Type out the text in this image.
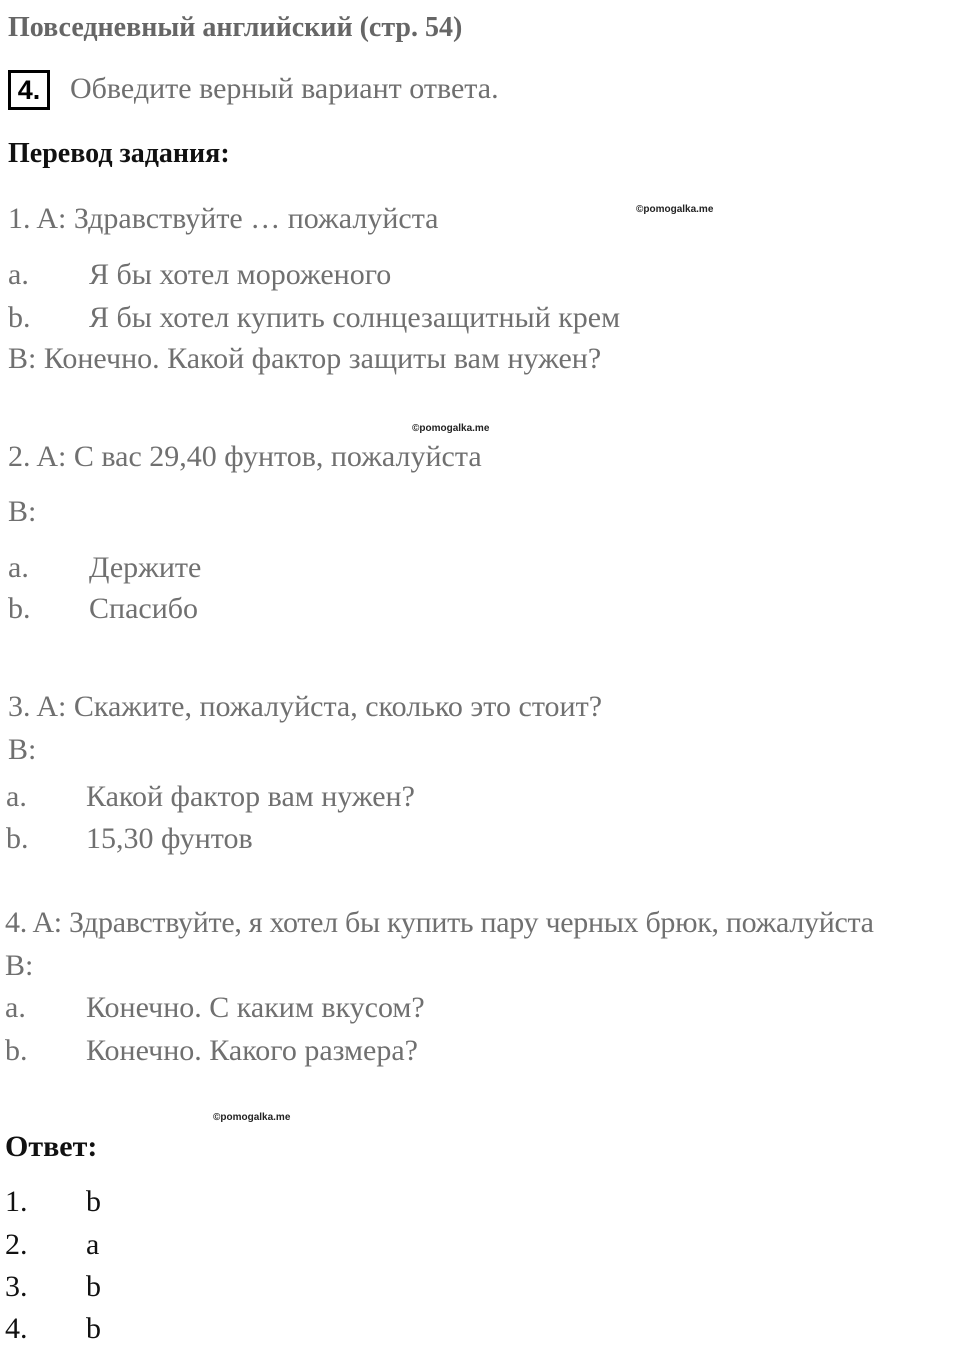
Повседневный английский (стр. 54)
4. Обведите верный вариант ответа.
Перевод задания:
©pomogalka.me
©pomogalka.me
©pomogalka.me
1. A: Здравствуйте … пожалуйста
a. Я бы хотел мороженого
b. Я бы хотел купить солнцезащитный крем
B: Конечно. Какой фактор защиты вам нужен?
2. A: С вас 29,40 фунтов, пожалуйста
B:
a. Держите
b. Спасибо
3. A: Скажите, пожалуйста, сколько это стоит?
B:
a. Какой фактор вам нужен?
b. 15,30 фунтов
4. A: Здравствуйте, я хотел бы купить пару черных брюк, пожалуйста
B:
a. Конечно. С каким вкусом?
b. Конечно. Какого размера?
Ответ:
1. b
2. a
3. b
4. b
